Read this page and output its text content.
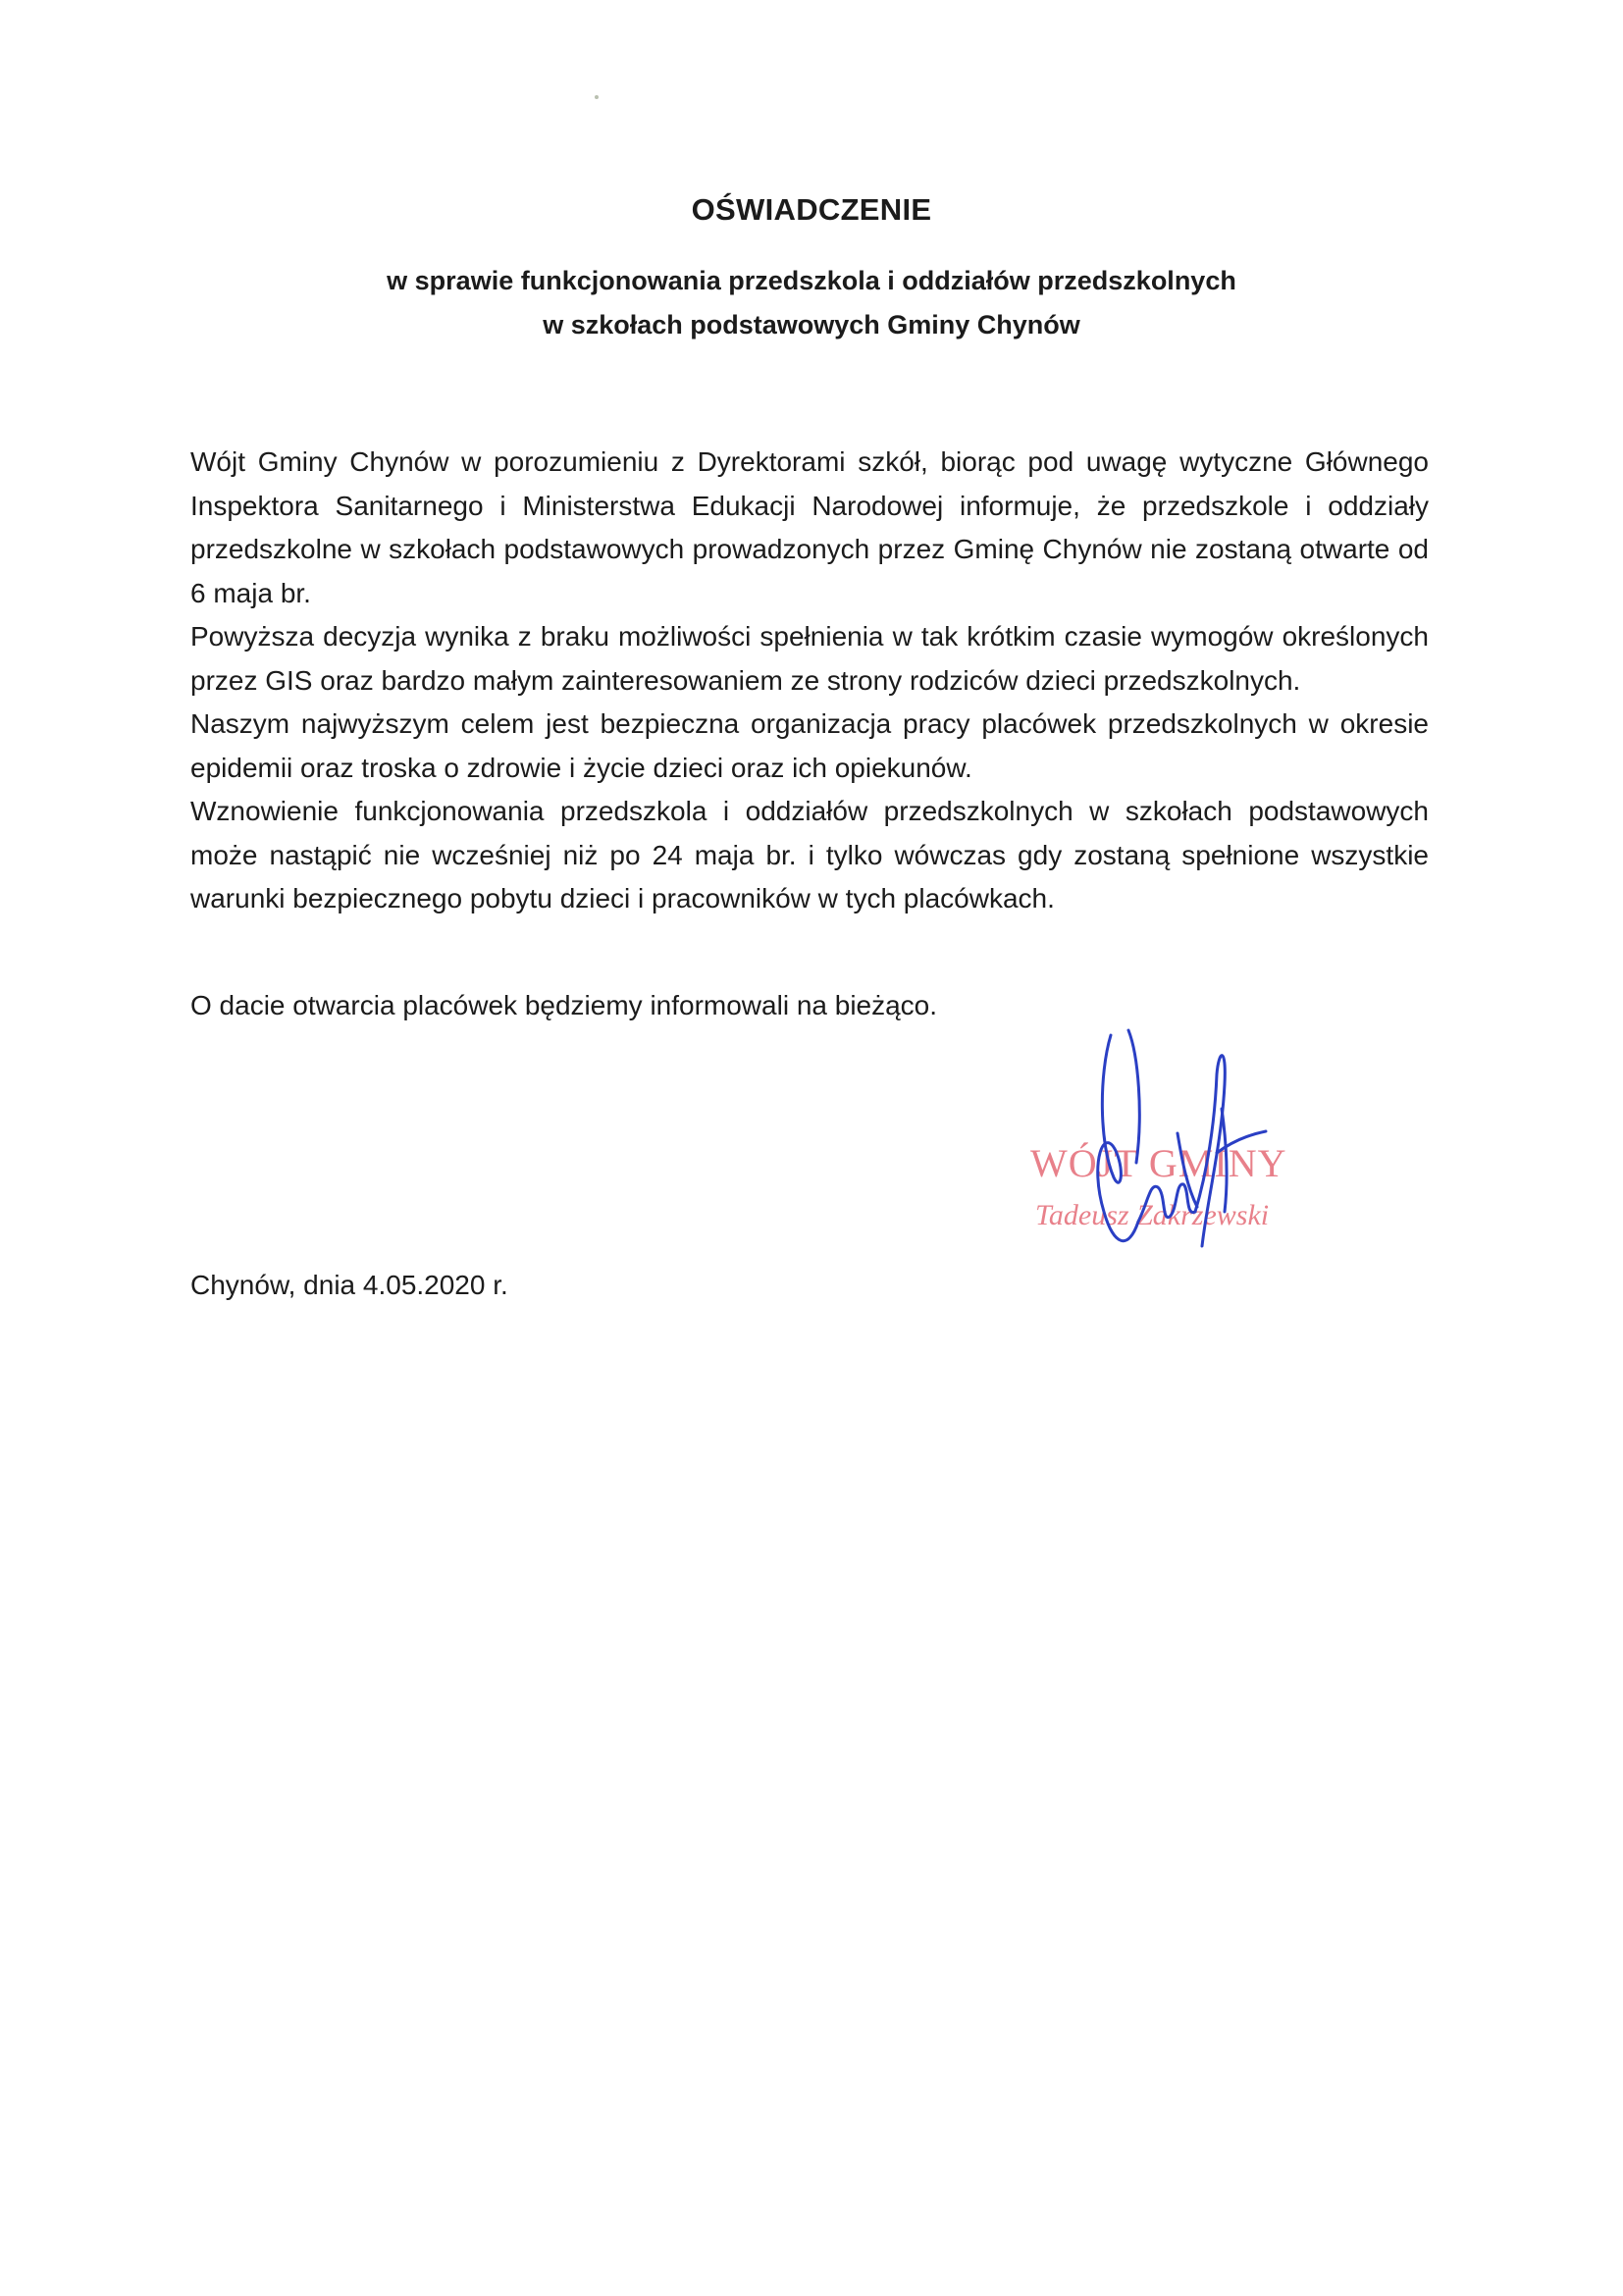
OŚWIADCZENIE
w sprawie funkcjonowania przedszkola i oddziałów przedszkolnych
w szkołach podstawowych Gminy Chynów

Wójt Gminy Chynów w porozumieniu z Dyrektorami szkół, biorąc pod uwagę wytyczne Głównego Inspektora Sanitarnego i Ministerstwa Edukacji Narodowej informuje, że przedszkole i oddziały przedszkolne w szkołach podstawowych prowadzonych przez Gminę Chynów nie zostaną otwarte od 6 maja br.

Powyższa decyzja wynika z braku możliwości spełnienia w tak krótkim czasie wymogów określonych przez GIS oraz bardzo małym zainteresowaniem ze strony rodziców dzieci przedszkolnych.

Naszym najwyższym celem jest bezpieczna organizacja pracy placówek przedszkolnych w okresie epidemii oraz troska o zdrowie i życie dzieci oraz ich opiekunów.

Wznowienie funkcjonowania przedszkola i oddziałów przedszkolnych w szkołach podstawowych może nastąpić nie wcześniej niż po 24 maja br. i tylko wówczas gdy zostaną spełnione wszystkie warunki bezpiecznego pobytu dzieci i pracowników w tych placówkach.

O dacie otwarcia placówek będziemy informowali na bieżąco.
WÓJT GMINY
Tadeusz Zakrzewski
Chynów, dnia 4.05.2020 r.
